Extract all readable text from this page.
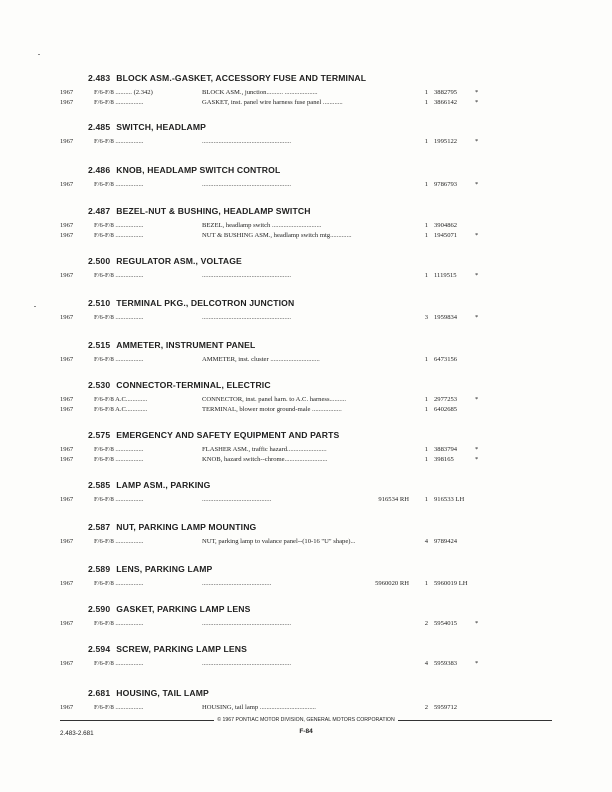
2.483 BLOCK ASM.-GASKET, ACCESSORY FUSE AND TERMINAL
1967	F/6-F/8 .......... (2.342)	BLOCK ASM., junction.......... ....................	1 3882795	*
1967	F/6-F/8 .................	GASKET, inst. panel wire harness fuse panel ............	1 3866142	*
2.485 SWITCH, HEADLAMP
1967	F/6-F/8 .................	......................................................	1 1995122	*
2.486 KNOB, HEADLAMP SWITCH CONTROL
1967	F/6-F/8 .................	......................................................	1 9786793	*
2.487 BEZEL-NUT & BUSHING, HEADLAMP SWITCH
1967	F/6-F/8 .................	BEZEL, headlamp switch ..............................	1 3904862
1967	F/6-F/8 .................	NUT & BUSHING ASM., headlamp switch mtg.............	1 1945071	*
2.500 REGULATOR ASM., VOLTAGE
1967	F/6-F/8 .................	......................................................	1 1119515	*
2.510 TERMINAL PKG., DELCOTRON JUNCTION
1967	F/6-F/8 .................	......................................................	3 1959834	*
2.515 AMMETER, INSTRUMENT PANEL
1967	F/6-F/8 .................	AMMETER, inst. cluster ..............................	1 6473156
2.530 CONNECTOR-TERMINAL, ELECTRIC
1967	F/6-F/8 A.C.............	CONNECTOR, inst. panel harn. to A.C. harness..........	1 2977253	*
1967	F/6-F/8 A.C.............	TERMINAL, blower motor ground-male ..................	1 6402685
2.575 EMERGENCY AND SAFETY EQUIPMENT AND PARTS
1967	F/6-F/8 .................	FLASHER ASM., traffic hazard........................	1 3883794	*
1967	F/6-F/8 .................	KNOB, hazard switch--chrome..........................	1 398165	*
2.585 LAMP ASM., PARKING
1967	F/6-F/8 .................	..........................................	916534 RH	1 916533 LH
2.587 NUT, PARKING LAMP MOUNTING
1967	F/6-F/8 .................	NUT, parking lamp to valance panel--(10-16 "U" shape)...	4 9789424
2.589 LENS, PARKING LAMP
1967	F/6-F/8 .................	..........................................	5960020 RH	1 5960019 LH
2.590 GASKET, PARKING LAMP LENS
1967	F/6-F/8 .................	......................................................	2 5954015	*
2.594 SCREW, PARKING LAMP LENS
1967	F/6-F/8 .................	......................................................	4 5959383	*
2.681 HOUSING, TAIL LAMP
1967	F/6-F/8 .................	HOUSING, tail lamp ..................................	2 5959712
© 1967 PONTIAC MOTOR DIVISION, GENERAL MOTORS CORPORATION
F-84
2.483-2.681
